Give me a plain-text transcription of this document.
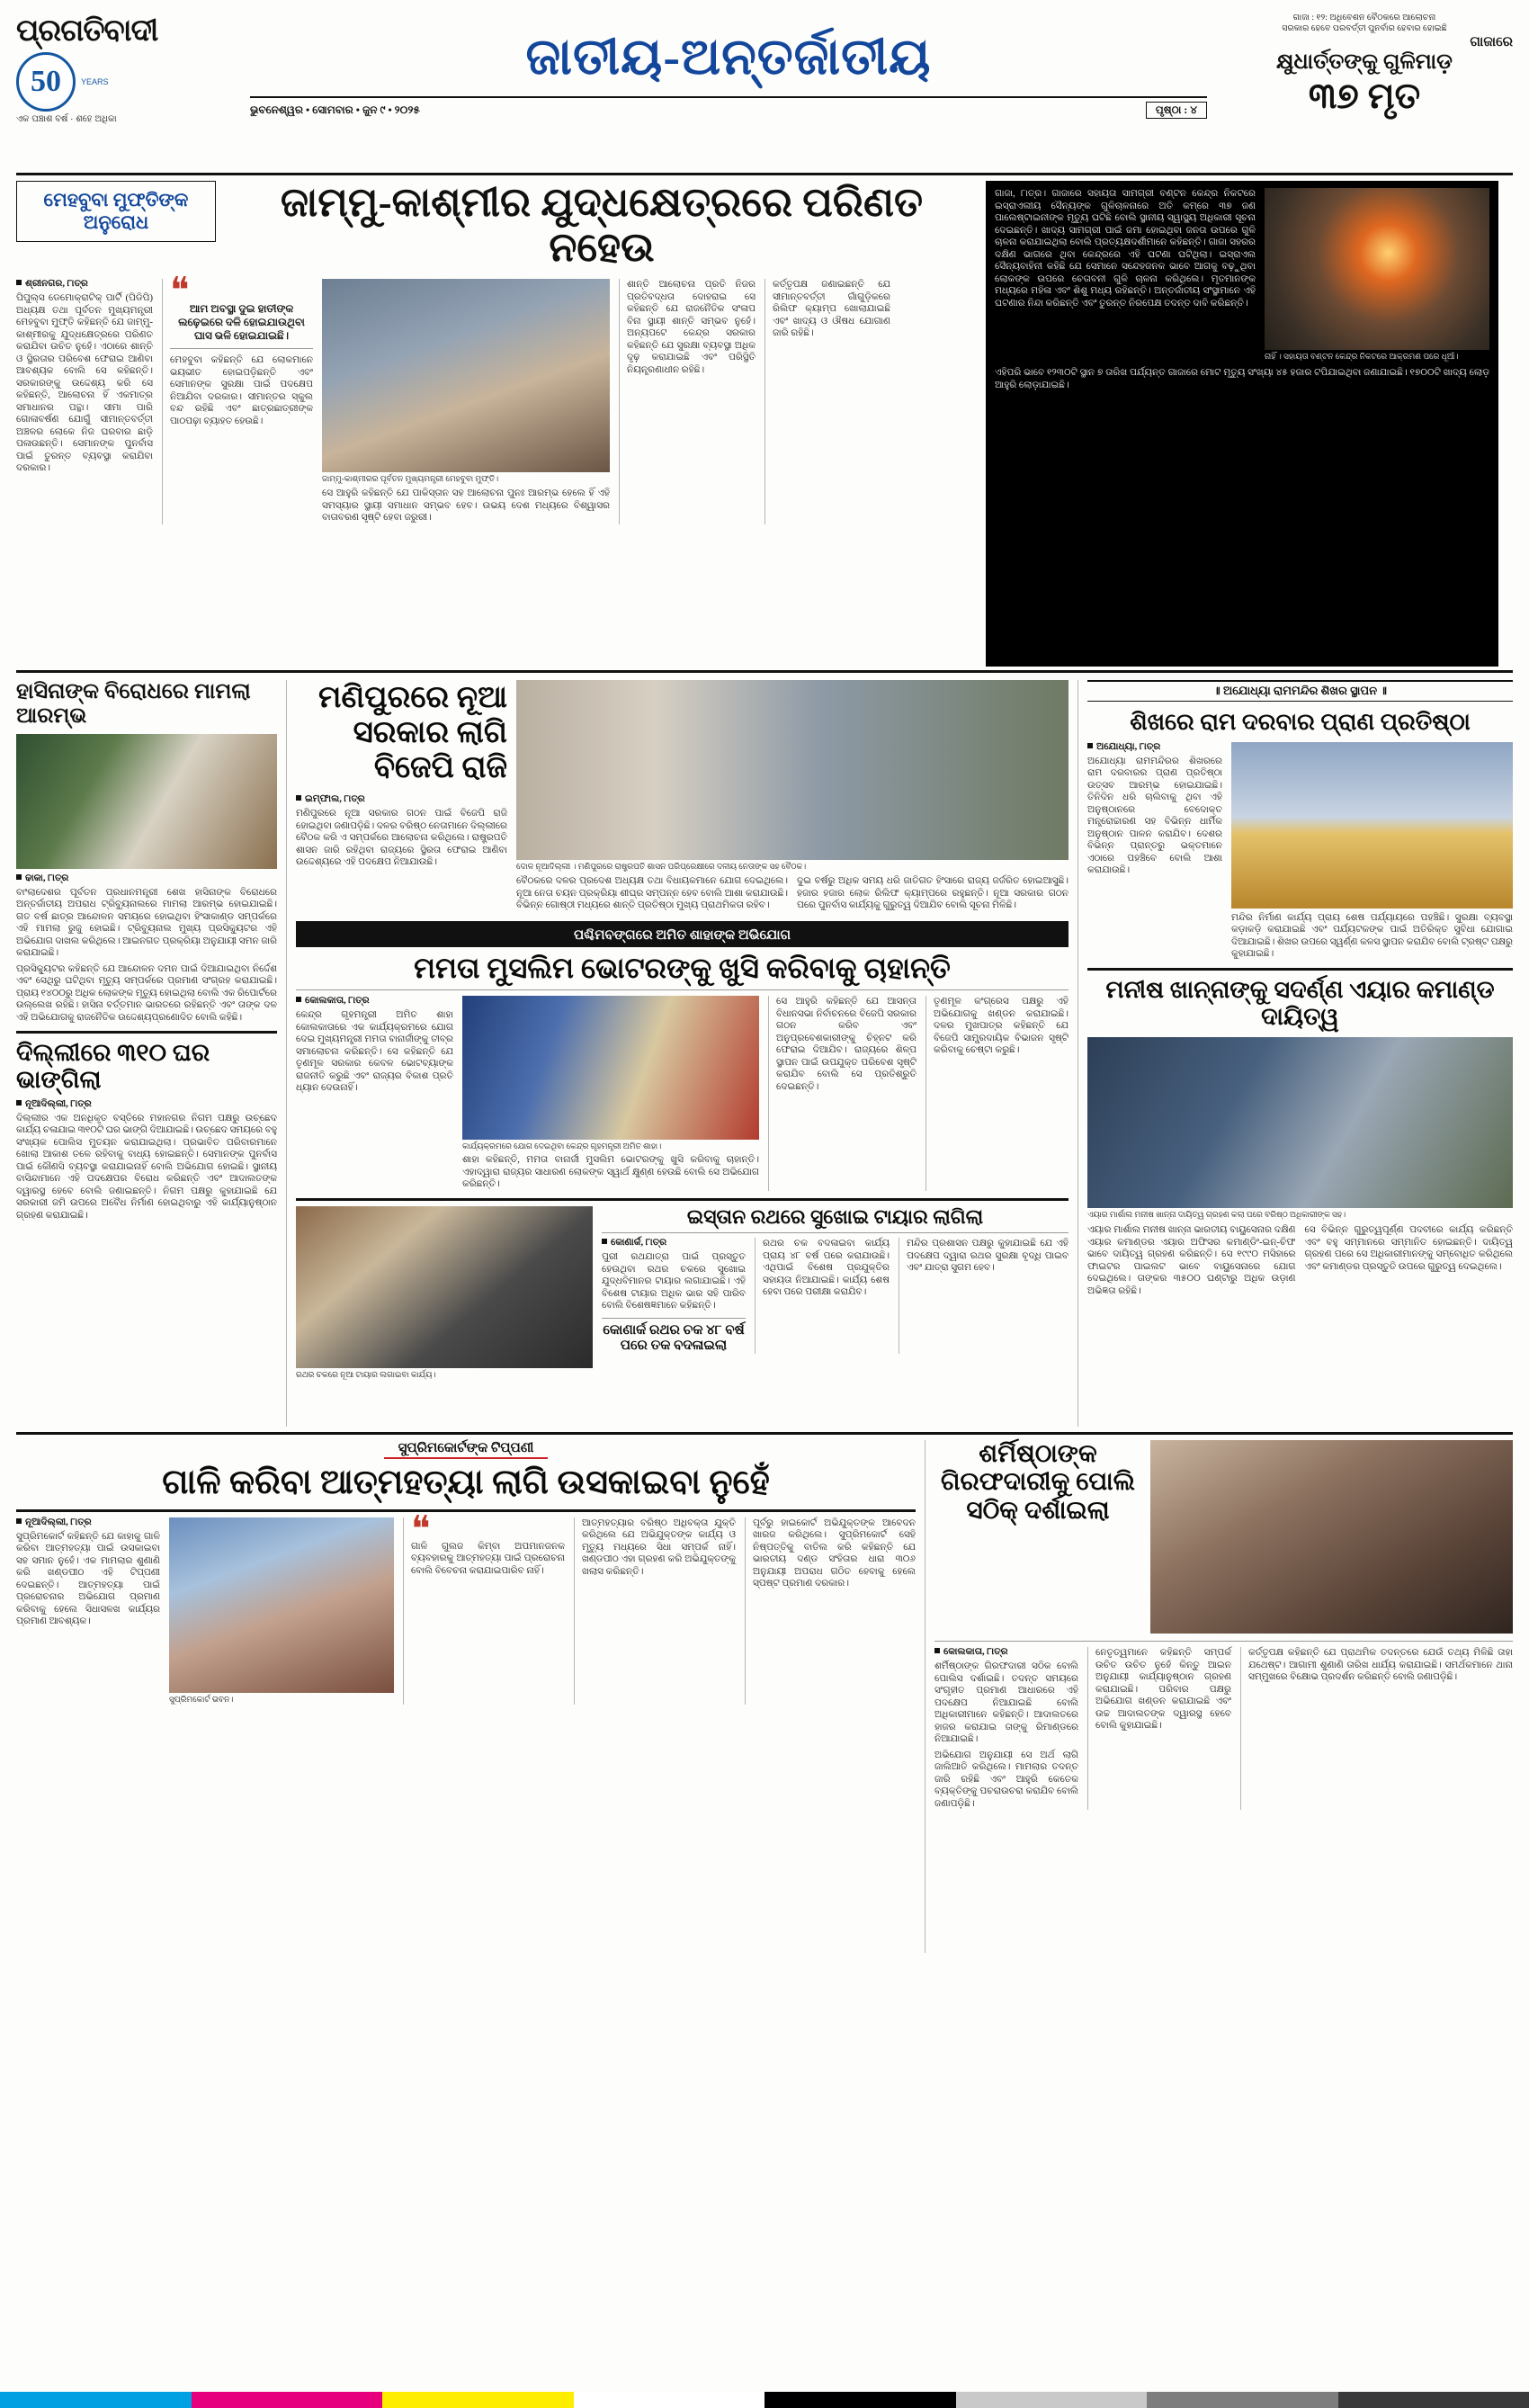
ପ୍ରଗତିବାଦୀ
50	YEARS
ଏକ ପଞ୍ଚାଶ ବର୍ଷ · ଶହେ ଅଧିକା
ଜାତୀୟ-ଅନ୍ତର୍ଜାତୀୟ
ଭୁବନେଶ୍ୱର • ସୋମବାର • ଜୁନ ୯ • ୨୦୨୫	ପୃଷ୍ଠା : ୪
ଗାଜା : ୧୨: ଅଧିବେଶନ ବୈଠକରେ ଆଲୋଚନା
ସରକାର ହେବେ ପରବର୍ତ୍ତୀ ପୁନର୍ବାର ହେବାର ହୋଇଛି
ଗାଜାରେ
କ୍ଷୁଧାର୍ତ୍ତଙ୍କୁ ଗୁଳିମାଡ଼
୩୭ ମୃତ
ମେହବୁବା ମୁଫ୍ତିଙ୍କ
ଅନୁରୋଧ	ଜାମ୍ମୁ-କାଶ୍ମୀର ଯୁଦ୍ଧକ୍ଷେତ୍ରରେ ପରିଣତ ନହେଉ
ଶ୍ରୀନଗର, ୮ାତ୍ର
ପିପୁଲ୍ସ ଡେମୋକ୍ରାଟିକ୍ ପାର୍ଟି (ପିଡିପି) ଅଧ୍ୟକ୍ଷ ତଥା ପୂର୍ବତନ ମୁଖ୍ୟମନ୍ତ୍ରୀ ମେହବୁବା ମୁଫ୍ତି କହିଛନ୍ତି ଯେ ଜାମ୍ମୁ-କାଶ୍ମୀରକୁ ଯୁଦ୍ଧକ୍ଷେତ୍ରରେ ପରିଣତ କରାଯିବା ଉଚିତ ନୁହେଁ। ଏଠାରେ ଶାନ୍ତି ଓ ସ୍ଥିରତାର ପରିବେଶ ଫେରାଇ ଆଣିବା ଆବଶ୍ୟକ ବୋଲି ସେ କହିଛନ୍ତି। ସରକାରଙ୍କୁ ଉଦ୍ଦେଶ୍ୟ କରି ସେ କହିଛନ୍ତି, ଆଲୋଚନା ହିଁ ଏକମାତ୍ର ସମାଧାନର ପନ୍ଥା। ସୀମା ପାରି ଗୋଳାବର୍ଷଣ ଯୋଗୁଁ ସୀମାନ୍ତବର୍ତ୍ତୀ ଅଞ୍ଚଳର ଲୋକେ ନିଜ ଘରବାର ଛାଡ଼ି ପଳାଉଛନ୍ତି। ସେମାନଙ୍କ ପୁନର୍ବାସ ପାଇଁ ତୁରନ୍ତ ବ୍ୟବସ୍ଥା କରାଯିବା ଦରକାର।
❝ ଆମ ଅବସ୍ଥା ଦୁଇ ହାତୀଙ୍କ ଲଢ଼େଇରେ ଦଳି ହୋଇଯାଉଥିବା ଘାସ ଭଳି ହୋଇଯାଇଛି।
ମେହବୁବା କହିଛନ୍ତି ଯେ ଲୋକମାନେ ଭୟଭୀତ ହୋଇପଡ଼ିଛନ୍ତି ଏବଂ ସେମାନଙ୍କ ସୁରକ୍ଷା ପାଇଁ ପଦକ୍ଷେପ ନିଆଯିବା ଦରକାର। ସୀମାନ୍ତର ସ୍କୁଲ ବନ୍ଦ ରହିଛି ଏବଂ ଛାତ୍ରଛାତ୍ରୀଙ୍କ ପାଠପଢ଼ା ବ୍ୟାହତ ହେଉଛି।
ଜାମ୍ମୁ-କାଶ୍ମୀରର ପୂର୍ବତନ ମୁଖ୍ୟମନ୍ତ୍ରୀ ମେହବୁବା ମୁଫ୍ତି।
ସେ ଆହୁରି କହିଛନ୍ତି ଯେ ପାକିସ୍ତାନ ସହ ଆଲୋଚନା ପୁନଃ ଆରମ୍ଭ ହେଲେ ହିଁ ଏହି ସମସ୍ୟାର ସ୍ଥାୟୀ ସମାଧାନ ସମ୍ଭବ ହେବ। ଉଭୟ ଦେଶ ମଧ୍ୟରେ ବିଶ୍ୱାସର ବାତାବରଣ ସୃଷ୍ଟି ହେବା ଜରୁରୀ।
ଶାନ୍ତି ଆଲୋଚନା ପ୍ରତି ନିଜର ପ୍ରତିବଦ୍ଧତା ଦୋହରାଇ ସେ କହିଛନ୍ତି ଯେ ରାଜନୈତିକ ସଂଳାପ ବିନା ସ୍ଥାୟୀ ଶାନ୍ତି ସମ୍ଭବ ନୁହେଁ। ଅନ୍ୟପଟେ କେନ୍ଦ୍ର ସରକାର କହିଛନ୍ତି ଯେ ସୁରକ୍ଷା ବ୍ୟବସ୍ଥା ଅଧିକ ଦୃଢ଼ କରାଯାଇଛି ଏବଂ ପରିସ୍ଥିତି ନିୟନ୍ତ୍ରଣାଧୀନ ରହିଛି।
କର୍ତ୍ତୃପକ୍ଷ ଜଣାଇଛନ୍ତି ଯେ ସୀମାନ୍ତବର୍ତ୍ତୀ ଗାଁଗୁଡ଼ିକରେ ରିଲିଫ କ୍ୟାମ୍ପ ଖୋଲାଯାଇଛି ଏବଂ ଖାଦ୍ୟ ଓ ଔଷଧ ଯୋଗାଣ ଜାରି ରହିଛି।
ଗାଜା, ୮ାତ୍ର। ଗାଜାରେ ସହାୟତା ସାମଗ୍ରୀ ବଣ୍ଟନ କେନ୍ଦ୍ର ନିକଟରେ ଇସ୍ରାଏଲୀୟ ସୈନ୍ୟଙ୍କ ଗୁଳିଚାଳନାରେ ଅତି କମ୍‌ରେ ୩୭ ଜଣ ପାଲେଷ୍ଟାଇନୀଙ୍କ ମୃତ୍ୟୁ ଘଟିଛି ବୋଲି ସ୍ଥାନୀୟ ସ୍ୱାସ୍ଥ୍ୟ ଅଧିକାରୀ ସୂଚନା ଦେଇଛନ୍ତି। ଖାଦ୍ୟ ସାମଗ୍ରୀ ପାଇଁ ଜମା ହୋଇଥିବା ଜନତା ଉପରେ ଗୁଳି ଚାଳନା କରାଯାଇଥିଲା ବୋଲି ପ୍ରତ୍ୟକ୍ଷଦର୍ଶୀମାନେ କହିଛନ୍ତି। ଗାଜା ସହରର ଦକ୍ଷିଣ ଭାଗରେ ଥିବା କେନ୍ଦ୍ରରେ ଏହି ଘଟଣା ଘଟିଥିଲା। ଇସ୍ରାଏଲ ସୈନ୍ୟବାହିନୀ କହିଛି ଯେ ସେମାନେ ସନ୍ଦେହଜନକ ଭାବେ ଆଗକୁ ବଢ଼ୁଥିବା ଲୋକଙ୍କ ଉପରେ ଚେତାବନୀ ଗୁଳି ଚାଳନା କରିଥିଲେ। ମୃତମାନଙ୍କ ମଧ୍ୟରେ ମହିଳା ଏବଂ ଶିଶୁ ମଧ୍ୟ ରହିଛନ୍ତି। ଅନ୍ତର୍ଜାତୀୟ ସଂସ୍ଥାମାନେ ଏହି ଘଟଣାର ନିନ୍ଦା କରିଛନ୍ତି ଏବଂ ତୁରନ୍ତ ନିରପେକ୍ଷ ତଦନ୍ତ ଦାବି କରିଛନ୍ତି।
ନାହିଁ । ସହାୟତା ବଣ୍ଟନ କେନ୍ଦ୍ର ନିକଟରେ ଆକ୍ରମଣ ପରେ ଧୂଆଁ।
ଏହିପରି ଭାବେ ୧୨୩୦ଟି ସ୍ଥାନ ୭ ତାରିଖ ପର୍ଯ୍ୟନ୍ତ ଗାଜାରେ ମୋଟ ମୃତ୍ୟୁ ସଂଖ୍ୟା ୪୫ ହଜାର ଟପିଯାଇଥିବା ଜଣାଯାଇଛି। ୧୭୦୦ଟି ଖାଦ୍ୟ ଲୋଡ଼ ଆହୁରି ଲୋଡ଼ାଯାଇଛି।
ହାସିନାଙ୍କ ବିରୋଧରେ ମାମଲା ଆରମ୍ଭ
ଢାକା, ୮ାତ୍ର
ବାଂଲାଦେଶର ପୂର୍ବତନ ପ୍ରଧାନମନ୍ତ୍ରୀ ଶେଖ ହାସିନାଙ୍କ ବିରୋଧରେ ଅନ୍ତର୍ଜାତୀୟ ଅପରାଧ ଟ୍ରିବ୍ୟୁନାଲରେ ମାମଲା ଆରମ୍ଭ ହୋଇଯାଇଛି। ଗତ ବର୍ଷ ଛାତ୍ର ଆନ୍ଦୋଳନ ସମୟରେ ହୋଇଥିବା ହିଂସାକାଣ୍ଡ ସମ୍ପର୍କରେ ଏହି ମାମଲା ରୁଜୁ ହୋଇଛି। ଟ୍ରିବ୍ୟୁନାଲ ମୁଖ୍ୟ ପ୍ରସିକ୍ୟୁଟର ଏହି ଅଭିଯୋଗ ଦାଖଲ କରିଥିଲେ। ଆଇନଗତ ପ୍ରକ୍ରିୟା ଅନୁଯାୟୀ ସମନ ଜାରି କରାଯାଇଛି।
ପ୍ରସିକ୍ୟୁଟର କହିଛନ୍ତି ଯେ ଆନ୍ଦୋଳନ ଦମନ ପାଇଁ ଦିଆଯାଇଥିବା ନିର୍ଦ୍ଦେଶ ଏବଂ ସେଥିରୁ ଘଟିଥିବା ମୃତ୍ୟୁ ସମ୍ପର୍କରେ ପ୍ରମାଣ ସଂଗ୍ରହ କରାଯାଇଛି। ପ୍ରାୟ ୧୪୦୦ରୁ ଅଧିକ ଲୋକଙ୍କ ମୃତ୍ୟୁ ହୋଇଥିଲା ବୋଲି ଏକ ରିପୋର୍ଟରେ ଉଲ୍ଲେଖ ରହିଛି। ହାସିନା ବର୍ତ୍ତମାନ ଭାରତରେ ରହିଛନ୍ତି ଏବଂ ତାଙ୍କ ଦଳ ଏହି ଅଭିଯୋଗକୁ ରାଜନୈତିକ ଉଦ୍ଦେଶ୍ୟପ୍ରଣୋଦିତ ବୋଲି କହିଛି।
ଦିଲ୍ଲୀରେ ୩୧୦ ଘର ଭାଙ୍ଗିଲା
ନୂଆଦିଲ୍ଲୀ, ୮ାତ୍ର
ଦିଲ୍ଲୀର ଏକ ଅନଧିକୃତ ବସ୍ତିରେ ମହାନଗର ନିଗମ ପକ୍ଷରୁ ଉଚ୍ଛେଦ କାର୍ଯ୍ୟ ଚଳାଯାଇ ୩୧୦ଟି ଘର ଭାଙ୍ଗି ଦିଆଯାଇଛି। ଉଚ୍ଛେଦ ସମୟରେ ବହୁ ସଂଖ୍ୟକ ପୋଲିସ ମୁତୟନ କରାଯାଇଥିଲା। ପ୍ରଭାବିତ ପରିବାରମାନେ ଖୋଲା ଆକାଶ ତଳେ ରହିବାକୁ ବାଧ୍ୟ ହୋଇଛନ୍ତି। ସେମାନଙ୍କ ପୁନର୍ବାସ ପାଇଁ କୌଣସି ବ୍ୟବସ୍ଥା କରାଯାଇନାହିଁ ବୋଲି ଅଭିଯୋଗ ହୋଇଛି। ସ୍ଥାନୀୟ ବାସିନ୍ଦାମାନେ ଏହି ପଦକ୍ଷେପର ବିରୋଧ କରିଛନ୍ତି ଏବଂ ଆଦାଲତଙ୍କ ଦ୍ୱାରସ୍ଥ ହେବେ ବୋଲି ଜଣାଇଛନ୍ତି। ନିଗମ ପକ୍ଷରୁ କୁହାଯାଇଛି ଯେ ସରକାରୀ ଜମି ଉପରେ ଅବୈଧ ନିର୍ମାଣ ହୋଇଥିବାରୁ ଏହି କାର୍ଯ୍ୟାନୁଷ୍ଠାନ ଗ୍ରହଣ କରାଯାଇଛି।
ମଣିପୁରରେ ନୂଆ ସରକାର ଲାଗି ବିଜେପି ରାଜି
ଇମ୍ଫାଲ, ୮ାତ୍ର
ମଣିପୁରରେ ନୂଆ ସରକାର ଗଠନ ପାଇଁ ବିଜେପି ରାଜି ହୋଇଥିବା ଜଣାପଡ଼ିଛି। ଦଳର ବରିଷ୍ଠ ନେତାମାନେ ଦିଲ୍ଲୀରେ ବୈଠକ କରି ଏ ସମ୍ପର୍କରେ ଆଲୋଚନା କରିଥିଲେ। ରାଷ୍ଟ୍ରପତି ଶାସନ ଜାରି ରହିଥିବା ରାଜ୍ୟରେ ସ୍ଥିରତା ଫେରାଇ ଆଣିବା ଉଦ୍ଦେଶ୍ୟରେ ଏହି ପଦକ୍ଷେପ ନିଆଯାଉଛି।	ଦୋଳ ନୂଆଦିଲ୍ଲୀ । ମଣିପୁରରେ ରାଷ୍ଟ୍ରପତି ଶାସନ ପରିପ୍ରେକ୍ଷୀରେ ଦଳୀୟ ନେତାଙ୍କ ସହ ବୈଠକ।
ବୈଠକରେ ଦଳର ପ୍ରଦେଶ ଅଧ୍ୟକ୍ଷ ତଥା ବିଧାୟକମାନେ ଯୋଗ ଦେଇଥିଲେ। ନୂଆ ନେତା ଚୟନ ପ୍ରକ୍ରିୟା ଶୀଘ୍ର ସମ୍ପନ୍ନ ହେବ ବୋଲି ଆଶା କରାଯାଉଛି। ବିଭିନ୍ନ ଗୋଷ୍ଠୀ ମଧ୍ୟରେ ଶାନ୍ତି ପ୍ରତିଷ୍ଠା ମୁଖ୍ୟ ପ୍ରାଥମିକତା ରହିବ।
ଦୁଇ ବର୍ଷରୁ ଅଧିକ ସମୟ ଧରି ଜାତିଗତ ହିଂସାରେ ରାଜ୍ୟ ଜର୍ଜରିତ ହୋଇଆସୁଛି। ହଜାର ହଜାର ଲୋକ ରିଲିଫ କ୍ୟାମ୍ପରେ ରହୁଛନ୍ତି। ନୂଆ ସରକାର ଗଠନ ପରେ ପୁନର୍ବାସ କାର୍ଯ୍ୟକୁ ଗୁରୁତ୍ୱ ଦିଆଯିବ ବୋଲି ସୂଚନା ମିଳିଛି।
ପଶ୍ଚିମବଙ୍ଗରେ ଅମିତ ଶାହାଙ୍କ ଅଭିଯୋଗ
ମମତା ମୁସଲିମ ଭୋଟରଙ୍କୁ ଖୁସି କରିବାକୁ ଚାହାନ୍ତି
କୋଲକାତା, ୮ାତ୍ର
କେନ୍ଦ୍ର ଗୃହମନ୍ତ୍ରୀ ଅମିତ ଶାହା କୋଲକାତାରେ ଏକ କାର୍ଯ୍ୟକ୍ରମରେ ଯୋଗ ଦେଇ ମୁଖ୍ୟମନ୍ତ୍ରୀ ମମତା ବାନାର୍ଜୀଙ୍କୁ ତୀବ୍ର ସମାଲୋଚନା କରିଛନ୍ତି। ସେ କହିଛନ୍ତି ଯେ ତୃଣମୂଳ ସରକାର କେବଳ ଭୋଟବ୍ୟାଙ୍କ ରାଜନୀତି କରୁଛି ଏବଂ ରାଜ୍ୟର ବିକାଶ ପ୍ରତି ଧ୍ୟାନ ଦେଉନାହିଁ।
କାର୍ଯ୍ୟକ୍ରମରେ ଯୋଗ ଦେଇଥିବା କେନ୍ଦ୍ର ଗୃହମନ୍ତ୍ରୀ ଅମିତ ଶାହା।
ଶାହା କହିଛନ୍ତି, ମମତା ବାନାର୍ଜୀ ମୁସଲିମ ଭୋଟରଙ୍କୁ ଖୁସି କରିବାକୁ ଚାହାନ୍ତି। ଏହାଦ୍ୱାରା ରାଜ୍ୟର ସାଧାରଣ ଲୋକଙ୍କ ସ୍ୱାର୍ଥ କ୍ଷୁଣ୍ଣ ହେଉଛି ବୋଲି ସେ ଅଭିଯୋଗ କରିଛନ୍ତି।
ସେ ଆହୁରି କହିଛନ୍ତି ଯେ ଆସନ୍ତା ବିଧାନସଭା ନିର୍ବାଚନରେ ବିଜେପି ସରକାର ଗଠନ କରିବ ଏବଂ ଅନୁପ୍ରବେଶକାରୀଙ୍କୁ ଚିହ୍ନଟ କରି ଫେରାଇ ଦିଆଯିବ। ରାଜ୍ୟରେ ଶିଳ୍ପ ସ୍ଥାପନ ପାଇଁ ଉପଯୁକ୍ତ ପରିବେଶ ସୃଷ୍ଟି କରାଯିବ ବୋଲି ସେ ପ୍ରତିଶ୍ରୁତି ଦେଇଛନ୍ତି।
ତୃଣମୂଳ କଂଗ୍ରେସ ପକ୍ଷରୁ ଏହି ଅଭିଯୋଗକୁ ଖଣ୍ଡନ କରାଯାଇଛି। ଦଳର ମୁଖପାତ୍ର କହିଛନ୍ତି ଯେ ବିଜେପି ସାମ୍ପ୍ରଦାୟିକ ବିଭାଜନ ସୃଷ୍ଟି କରିବାକୁ ଚେଷ୍ଟା କରୁଛି।
ରଥର ଚକରେ ନୂଆ ଟାୟାର ଲଗାଇବା କାର୍ଯ୍ୟ।
ଇସ୍ତାନ ରଥରେ ସୁଖୋଇ ଟାୟାର ଲାଗିଲା
କୋଣାର୍କ, ୮ାତ୍ର
ପୁରୀ ରଥଯାତ୍ରା ପାଇଁ ପ୍ରସ୍ତୁତ ହେଉଥିବା ରଥର ଚକରେ ସୁଖୋଇ ଯୁଦ୍ଧବିମାନର ଟାୟାର ଲଗାଯାଇଛି। ଏହି ବିଶେଷ ଟାୟାର ଅଧିକ ଭାର ସହି ପାରିବ ବୋଲି ବିଶେଷଜ୍ଞମାନେ କହିଛନ୍ତି।
କୋଣାର୍କ ରଥର ଚକ ୪୮ ବର୍ଷ ପରେ ତକ ବଦଳାଇଲା
ରଥର ଚକ ବଦଳାଇବା କାର୍ଯ୍ୟ ପ୍ରାୟ ୪୮ ବର୍ଷ ପରେ କରାଯାଉଛି। ଏଥିପାଇଁ ବିଶେଷ ପ୍ରଯୁକ୍ତିର ସହାୟତା ନିଆଯାଇଛି। କାର୍ଯ୍ୟ ଶେଷ ହେବା ପରେ ପରୀକ୍ଷା କରାଯିବ।
ମନ୍ଦିର ପ୍ରଶାସନ ପକ୍ଷରୁ କୁହାଯାଇଛି ଯେ ଏହି ପଦକ୍ଷେପ ଦ୍ୱାରା ରଥର ସୁରକ୍ଷା ବୃଦ୍ଧି ପାଇବ ଏବଂ ଯାତ୍ରା ସୁଗମ ହେବ।
॥ ଅଯୋଧ୍ୟା ରାମମନ୍ଦିର ଶିଖର ସ୍ଥାପନ ॥
ଶିଖରେ ରାମ ଦରବାର ପ୍ରାଣ ପ୍ରତିଷ୍ଠା
ଅଯୋଧ୍ୟା, ୮ାତ୍ର
ଅଯୋଧ୍ୟା ରାମମନ୍ଦିରର ଶିଖରରେ ରାମ ଦରବାରର ପ୍ରାଣ ପ୍ରତିଷ୍ଠା ଉତ୍ସବ ଆରମ୍ଭ ହୋଇଯାଇଛି। ତିନିଦିନ ଧରି ଚାଲିବାକୁ ଥିବା ଏହି ଅନୁଷ୍ଠାନରେ ବେଦୋକ୍ତ ମନ୍ତ୍ରୋଚ୍ଚାରଣ ସହ ବିଭିନ୍ନ ଧାର୍ମିକ ଅନୁଷ୍ଠାନ ପାଳନ କରାଯିବ। ଦେଶର ବିଭିନ୍ନ ପ୍ରାନ୍ତରୁ ଭକ୍ତମାନେ ଏଠାରେ ପହଞ୍ଚିବେ ବୋଲି ଆଶା କରାଯାଉଛି।
ମନ୍ଦିର ନିର୍ମାଣ କାର୍ଯ୍ୟ ପ୍ରାୟ ଶେଷ ପର୍ଯ୍ୟାୟରେ ପହଞ୍ଚିଛି। ସୁରକ୍ଷା ବ୍ୟବସ୍ଥା କଡ଼ାକଡ଼ି କରାଯାଇଛି ଏବଂ ପର୍ଯ୍ୟଟକଙ୍କ ପାଇଁ ଅତିରିକ୍ତ ସୁବିଧା ଯୋଗାଇ ଦିଆଯାଇଛି। ଶିଖର ଉପରେ ସ୍ୱର୍ଣ୍ଣ କଳସ ସ୍ଥାପନ କରାଯିବ ବୋଲି ଟ୍ରଷ୍ଟ ପକ୍ଷରୁ କୁହାଯାଇଛି।
ମନୀଷ ଖାନ୍ନାଙ୍କୁ ସଦର୍ଣ୍ଣ ଏୟାର କମାଣ୍ଡ ଦାୟିତ୍ୱ
ଏୟାର ମାର୍ଶାଲ ମନୀଷ ଖାନ୍ନା ଦାୟିତ୍ୱ ଗ୍ରହଣ କଲା ପରେ ବରିଷ୍ଠ ଅଧିକାରୀଙ୍କ ସହ।
ଏୟାର ମାର୍ଶାଲ ମନୀଷ ଖାନ୍ନା ଭାରତୀୟ ବାୟୁସେନାର ଦକ୍ଷିଣ ଏୟାର କମାଣ୍ଡର ଏୟାର ଅଫିସର କମାଣ୍ଡିଂ-ଇନ୍-ଚିଫ ଭାବେ ଦାୟିତ୍ୱ ଗ୍ରହଣ କରିଛନ୍ତି। ସେ ୧୯୯୦ ମସିହାରେ ଫାଇଟର ପାଇଲଟ ଭାବେ ବାୟୁସେନାରେ ଯୋଗ ଦେଇଥିଲେ। ତାଙ୍କର ୩୫୦୦ ଘଣ୍ଟାରୁ ଅଧିକ ଉଡ଼ାଣ ଅଭିଜ୍ଞତା ରହିଛି।
ସେ ବିଭିନ୍ନ ଗୁରୁତ୍ୱପୂର୍ଣ୍ଣ ପଦବୀରେ କାର୍ଯ୍ୟ କରିଛନ୍ତି ଏବଂ ବହୁ ସମ୍ମାନରେ ସମ୍ମାନିତ ହୋଇଛନ୍ତି। ଦାୟିତ୍ୱ ଗ୍ରହଣ ପରେ ସେ ଅଧିକାରୀମାନଙ୍କୁ ସମ୍ବୋଧିତ କରିଥିଲେ ଏବଂ କମାଣ୍ଡର ପ୍ରସ୍ତୁତି ଉପରେ ଗୁରୁତ୍ୱ ଦେଇଥିଲେ।
ସୁପ୍ରିମକୋର୍ଟଙ୍କ ଟିପ୍ପଣୀ
ଗାଳି କରିବା ଆତ୍ମହତ୍ୟା ଲାଗି ଉସକାଇବା ନୁହେଁ
ନୂଆଦିଲ୍ଲୀ, ୮ାତ୍ର
ସୁପ୍ରିମକୋର୍ଟ କହିଛନ୍ତି ଯେ କାହାକୁ ଗାଳି କରିବା ଆତ୍ମହତ୍ୟା ପାଇଁ ଉସକାଇବା ସହ ସମାନ ନୁହେଁ। ଏକ ମାମଲାର ଶୁଣାଣି କରି ଖଣ୍ଡପୀଠ ଏହି ଟିପ୍ପଣୀ ଦେଇଛନ୍ତି। ଆତ୍ମହତ୍ୟା ପାଇଁ ପ୍ରରୋଚନାର ଅଭିଯୋଗ ପ୍ରମାଣ କରିବାକୁ ହେଲେ ସିଧାସଳଖ କାର୍ଯ୍ୟର ପ୍ରମାଣ ଆବଶ୍ୟକ।
ସୁପ୍ରିମକୋର୍ଟ ଭବନ।
❝
ଗାଳି ଗୁଲଜ କିମ୍ବା ଅପମାନଜନକ ବ୍ୟବହାରକୁ ଆତ୍ମହତ୍ୟା ପାଇଁ ପ୍ରରୋଚନା ବୋଲି ବିବେଚନା କରାଯାଇପାରିବ ନାହିଁ।
ଆତ୍ମହତ୍ୟାର ବରିଷ୍ଠ ଅଧିବକ୍ତା ଯୁକ୍ତି କରିଥିଲେ ଯେ ଅଭିଯୁକ୍ତଙ୍କ କାର୍ଯ୍ୟ ଓ ମୃତ୍ୟୁ ମଧ୍ୟରେ ସିଧା ସମ୍ପର୍କ ନାହିଁ। ଖଣ୍ଡପୀଠ ଏହା ଗ୍ରହଣ କରି ଅଭିଯୁକ୍ତଙ୍କୁ ଖଲାସ କରିଛନ୍ତି।
ପୂର୍ବରୁ ହାଇକୋର୍ଟ ଅଭିଯୁକ୍ତଙ୍କ ଆବେଦନ ଖାରଜ କରିଥିଲେ। ସୁପ୍ରିମକୋର୍ଟ ସେହି ନିଷ୍ପତ୍ତିକୁ ବାତିଲ କରି କହିଛନ୍ତି ଯେ ଭାରତୀୟ ଦଣ୍ଡ ସଂହିତାର ଧାରା ୩୦୬ ଅନୁଯାୟୀ ଅପରାଧ ଗଠିତ ହେବାକୁ ହେଲେ ସ୍ପଷ୍ଟ ପ୍ରମାଣ ଦରକାର।
ଶର୍ମିଷ୍ଠାଙ୍କ ଗିରଫଦାରୀକୁ ପୋଲି ସଠିକ୍ ଦର୍ଶାଇଲା
କୋଲକାତା, ୮ାତ୍ର
ଶର୍ମିଷ୍ଠାଙ୍କ ଗିରଫଦାରୀ ସଠିକ ବୋଲି ପୋଲିସ ଦର୍ଶାଇଛି। ତଦନ୍ତ ସମୟରେ ସଂଗୃହୀତ ପ୍ରମାଣ ଆଧାରରେ ଏହି ପଦକ୍ଷେପ ନିଆଯାଇଛି ବୋଲି ଅଧିକାରୀମାନେ କହିଛନ୍ତି। ଆଦାଲତରେ ହାଜର କରାଯାଇ ତାଙ୍କୁ ରିମାଣ୍ଡରେ ନିଆଯାଇଛି।
ଅଭିଯୋଗ ଅନୁଯାୟୀ ସେ ଅର୍ଥ ଲାଗି ଜାଲିଆତି କରିଥିଲେ। ମାମଲାର ତଦନ୍ତ ଜାରି ରହିଛି ଏବଂ ଆହୁରି କେତେକ ବ୍ୟକ୍ତିଙ୍କୁ ପଚରାଉଚରା କରାଯିବ ବୋଲି ଜଣାପଡ଼ିଛି।
ନେତୃତ୍ୱମାନେ କହିଛନ୍ତି ସମ୍ପର୍କ ଉଚିତ ଉଚିତ ନୁହେଁ କିନ୍ତୁ ଆଇନ ଅନୁଯାୟୀ କାର୍ଯ୍ୟାନୁଷ୍ଠାନ ଗ୍ରହଣ କରାଯାଇଛି। ପରିବାର ପକ୍ଷରୁ ଅଭିଯୋଗ ଖଣ୍ଡନ କରାଯାଇଛି ଏବଂ ଉଚ୍ଚ ଆଦାଲତଙ୍କ ଦ୍ୱାରସ୍ଥ ହେବେ ବୋଲି କୁହାଯାଇଛି।
କର୍ତ୍ତୃପକ୍ଷ କହିଛନ୍ତି ଯେ ପ୍ରାଥମିକ ତଦନ୍ତରେ ଯେଉଁ ତଥ୍ୟ ମିଳିଛି ତାହା ଯଥେଷ୍ଟ। ଆଗାମୀ ଶୁଣାଣି ତାରିଖ ଧାର୍ଯ୍ୟ କରାଯାଇଛି। ସମର୍ଥକମାନେ ଥାନା ସମ୍ମୁଖରେ ବିକ୍ଷୋଭ ପ୍ରଦର୍ଶନ କରିଛନ୍ତି ବୋଲି ଜଣାପଡ଼ିଛି।
